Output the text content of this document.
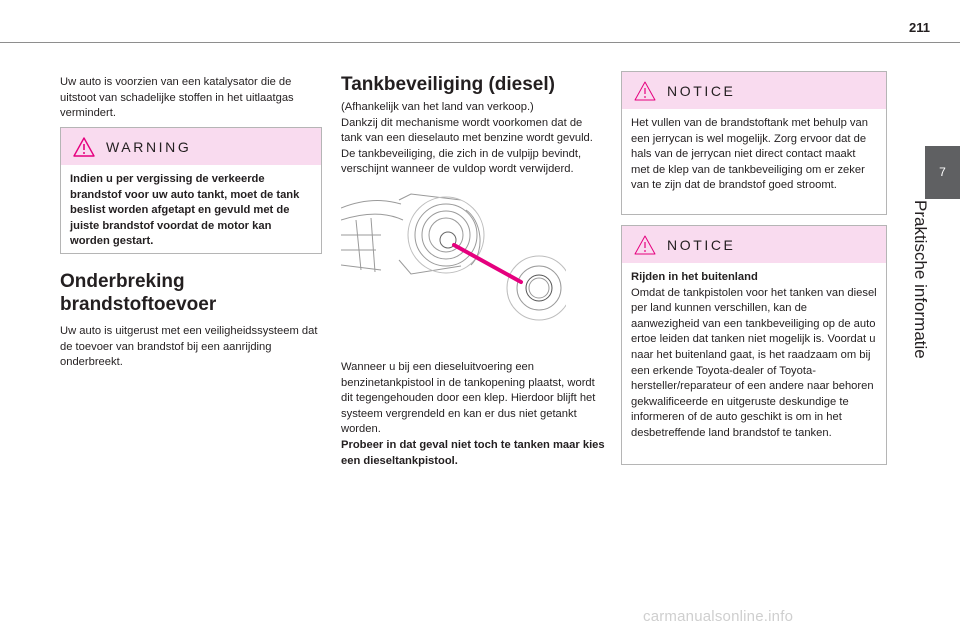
211
7
Praktische informatie

Uw auto is voorzien van een katalysator die de uitstoot van schadelijke stoffen in het uitlaatgas vermindert.

WARNING
Indien u per vergissing de verkeerde brandstof voor uw auto tankt, moet de tank beslist worden afgetapt en gevuld met de juiste brandstof voordat de motor kan worden gestart.
Onderbreking
brandstoftoevoer

Uw auto is uitgerust met een veiligheidssysteem dat de toevoer van brandstof bij een aanrijding onderbreekt.

Tankbeveiliging (diesel)

(Afhankelijk van het land van verkoop.)

Dankzij dit mechanisme wordt voorkomen dat de tank van een dieselauto met benzine wordt gevuld. De tankbeveiliging, die zich in de vulpijp bevindt, verschijnt wanneer de vuldop wordt verwijderd.

Wanneer u bij een dieseluitvoering een benzinetankpistool in de tankopening plaatst, wordt dit tegengehouden door een klep. Hierdoor blijft het systeem vergrendeld en kan er dus niet getankt worden.

Probeer in dat geval niet toch te tanken maar kies een dieseltankpistool.

NOTICE
Het vullen van de brandstoftank met behulp van een jerrycan is wel mogelijk. Zorg ervoor dat de hals van de jerrycan niet direct contact maakt met de klep van de tankbeveiliging om er zeker van te zijn dat de brandstof goed stroomt.
NOTICE
Rijden in het buitenland
Omdat de tankpistolen voor het tanken van diesel per land kunnen verschillen, kan de aanwezigheid van een tankbeveiliging op de auto ertoe leiden dat tanken niet mogelijk is. Voordat u naar het buitenland gaat, is het raadzaam om bij een erkende Toyota-dealer of Toyota-hersteller/reparateur of een andere naar behoren gekwalificeerde en uitgeruste deskundige te informeren of de auto geschikt is om in het desbetreffende land brandstof te tanken.
carmanualsonline.info
